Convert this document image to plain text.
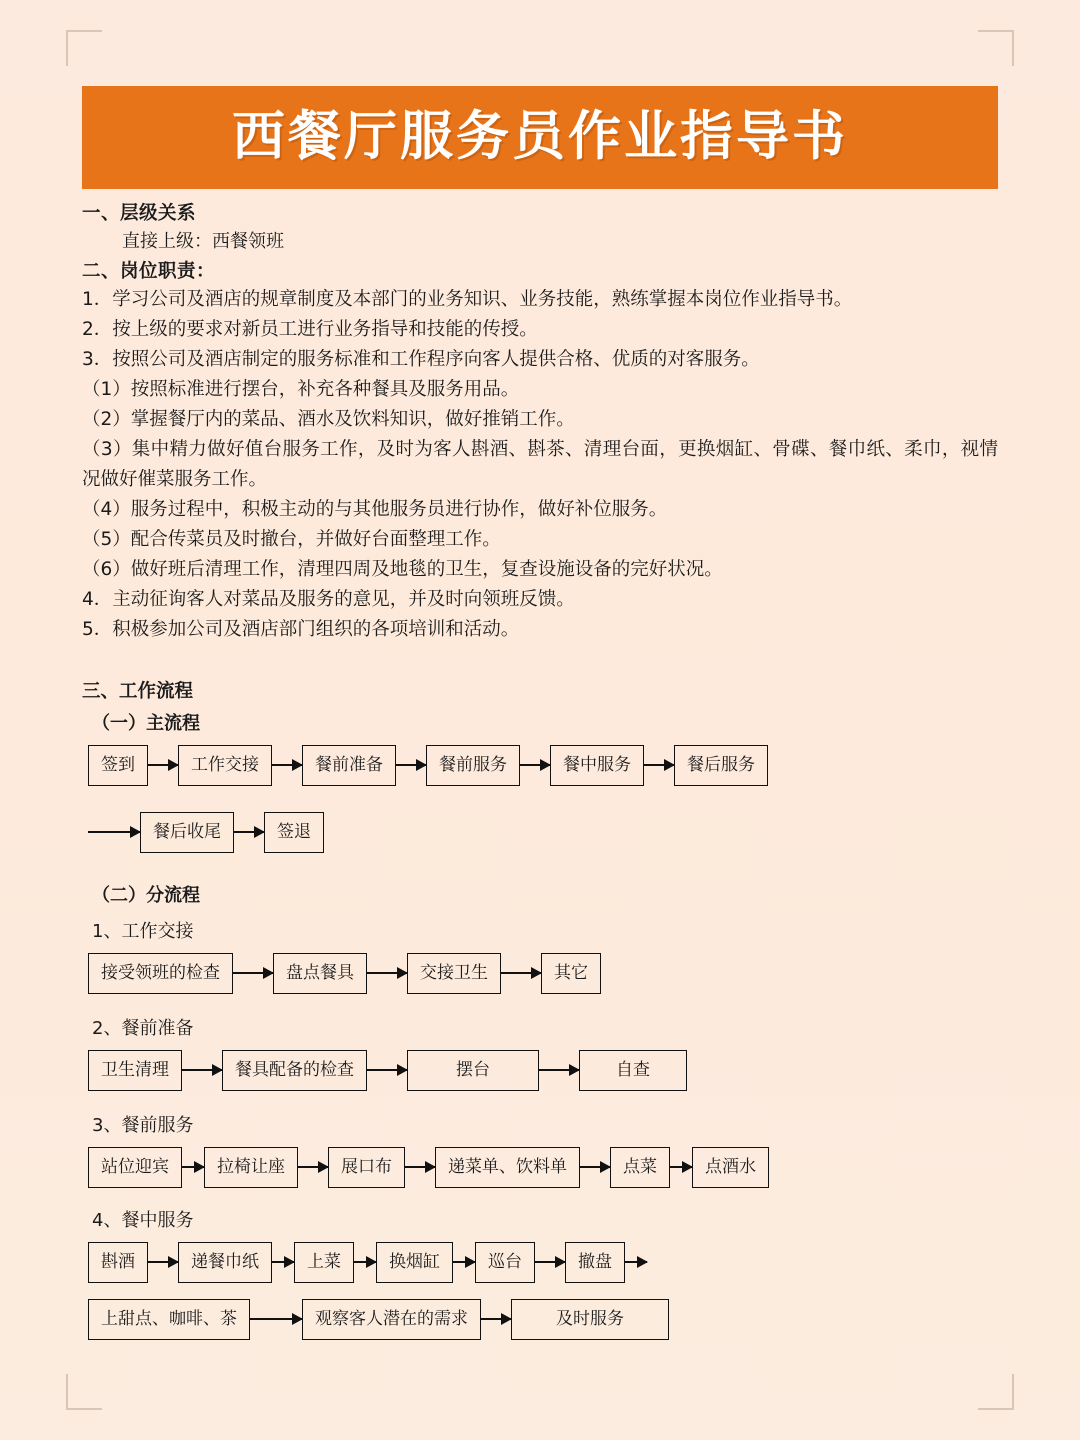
西餐厅服务员作业指导书
一、层级关系
直接上级：西餐领班
二、岗位职责：

1．学习公司及酒店的规章制度及本部门的业务知识、业务技能，熟练掌握本岗位作业指导书。

2．按上级的要求对新员工进行业务指导和技能的传授。

3．按照公司及酒店制定的服务标准和工作程序向客人提供合格、优质的对客服务。

（1）按照标准进行摆台，补充各种餐具及服务用品。

（2）掌握餐厅内的菜品、酒水及饮料知识，做好推销工作。

（3）集中精力做好值台服务工作，及时为客人斟酒、斟茶、清理台面，更换烟缸、骨碟、餐巾纸、柔巾，视情况做好催菜服务工作。

（4）服务过程中，积极主动的与其他服务员进行协作，做好补位服务。

（5）配合传菜员及时撤台，并做好台面整理工作。

（6）做好班后清理工作，清理四周及地毯的卫生，复查设施设备的完好状况。

4．主动征询客人对菜品及服务的意见，并及时向领班反馈。

5．积极参加公司及酒店部门组织的各项培训和活动。

三、工作流程
（一）主流程
签到	工作交接	餐前准备	餐前服务	餐中服务	餐后服务
餐后收尾	签退
（二）分流程
1、工作交接
接受领班的检查	盘点餐具	交接卫生	其它
2、餐前准备
卫生清理	餐具配备的检查	摆台	自查
3、餐前服务
站位迎宾	拉椅让座	展口布	递菜单、饮料单	点菜	点酒水
4、餐中服务
斟酒	递餐巾纸	上菜	换烟缸	巡台	撤盘
上甜点、咖啡、茶	观察客人潜在的需求	及时服务
